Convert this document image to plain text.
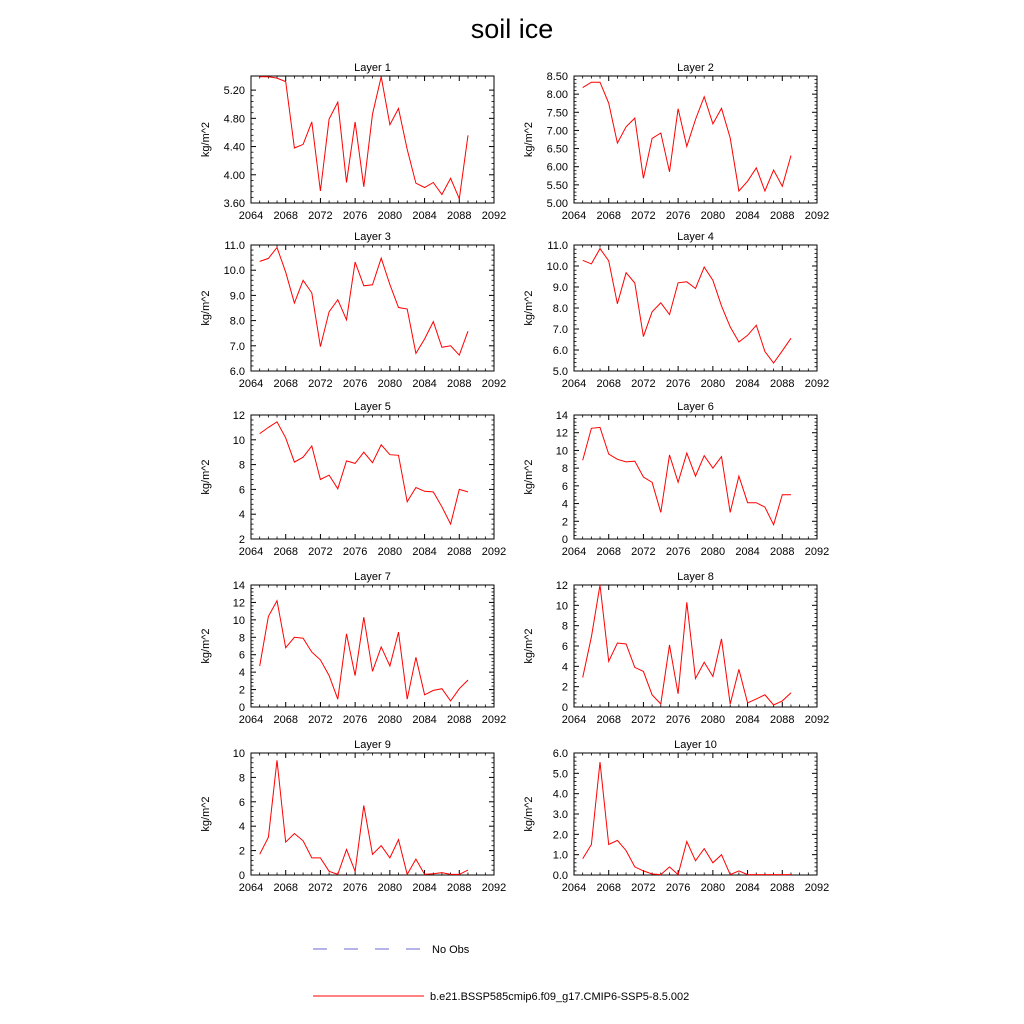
soil ice
Layer 1
kg/m^2
2064 2068 2072 2076 2080 2084 2088 2092
3.60
4.00
4.40
4.80
5.20
Layer 2
kg/m^2
2064 2068 2072 2076 2080 2084 2088 2092
5.00
5.50
6.00
6.50
7.00
7.50
8.00
8.50
Layer 3
kg/m^2
2064 2068 2072 2076 2080 2084 2088 2092
6.0
7.0
8.0
9.0
10.0
11.0
Layer 4
kg/m^2
2064 2068 2072 2076 2080 2084 2088 2092
5.0
6.0
7.0
8.0
9.0
10.0
11.0
Layer 5
kg/m^2
2064 2068 2072 2076 2080 2084 2088 2092
2
4
6
8
10
12
Layer 6
kg/m^2
2064 2068 2072 2076 2080 2084 2088 2092
0
2
4
6
8
10
12
14
Layer 7
kg/m^2
2064 2068 2072 2076 2080 2084 2088 2092
0
2
4
6
8
10
12
14
Layer 8
kg/m^2
2064 2068 2072 2076 2080 2084 2088 2092
0
2
4
6
8
10
12
Layer 9
kg/m^2
2064 2068 2072 2076 2080 2084 2088 2092
0
2
4
6
8
10
Layer 10
kg/m^2
2064 2068 2072 2076 2080 2084 2088 2092
0.0
1.0
2.0
3.0
4.0
5.0
6.0
No Obs
b.e21.BSSP585cmip6.f09_g17.CMIP6-SSP5-8.5.002
